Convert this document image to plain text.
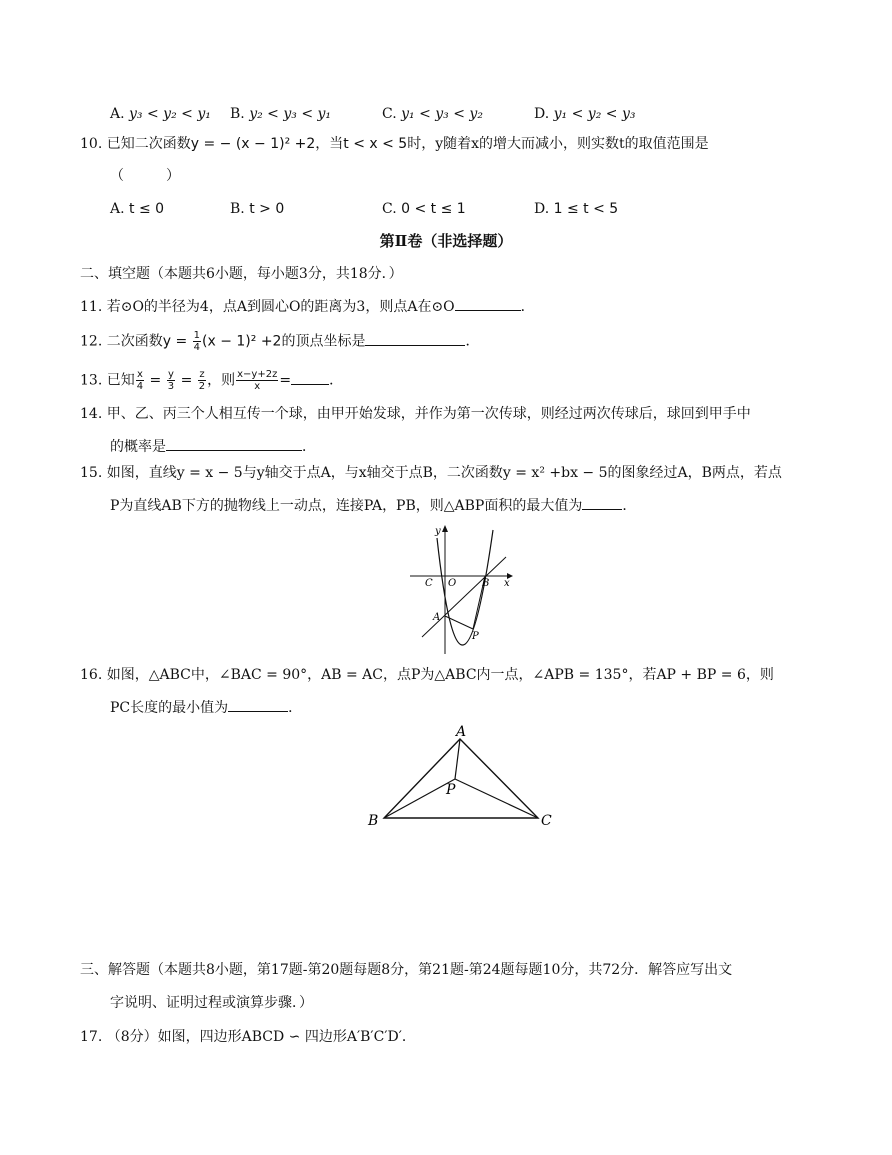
A. y₃ < y₂ < y₁ B. y₂ < y₃ < y₁	C. y₁ < y₃ < y₂	D. y₁ < y₂ < y₃
10. 已知二次函数y = − (x − 1)² +2，当t < x < 5时，y随着x的增大而减小，则实数t的取值范围是
（　　　）
A. t ≤ 0	B. t > 0	C. 0 < t ≤ 1	D. 1 ≤ t < 5
第Ⅱ卷（非选择题）
二、填空题（本题共6小题，每小题3分，共18分．）
11. 若⊙O的半径为4，点A到圆心O的距离为3，则点A在⊙O	．
12. 二次函数$y = \frac{1}{4} (x - 1)^2 +2$的顶点坐标是	．
13. 已知 $\frac{x}{4} = \frac{y}{3} = \frac{z}{2}$ ，则 $\frac{x-y+2z}{x}$ =	．
14. 甲、乙、丙三个人相互传一个球，由甲开始发球，并作为第一次传球，则经过两次传球后，球回到甲手中
的概率是	．
15. 如图，直线y = x − 5与y轴交于点A，与x轴交于点B，二次函数y = x² +bx − 5的图象经过A，B两点，若点
P为直线AB下方的抛物线上一动点，连接PA，PB，则△ABP面积的最大值为	．
y
x
C O	B
A
P
16. 如图，△ABC中，∠BAC = 90°，AB = AC，点P为△ABC内一点，∠APB = 135°，若AP + BP = 6，则
PC长度的最小值为	．
A
B	C
P
三、解答题（本题共8小题，第17题-第20题每题8分，第21题-第24题每题10分，共72分．解答应写出文
字说明、证明过程或演算步骤．）
17. （8分）如图，四边形ABCD ∽ 四边形A′B′C′D′．
